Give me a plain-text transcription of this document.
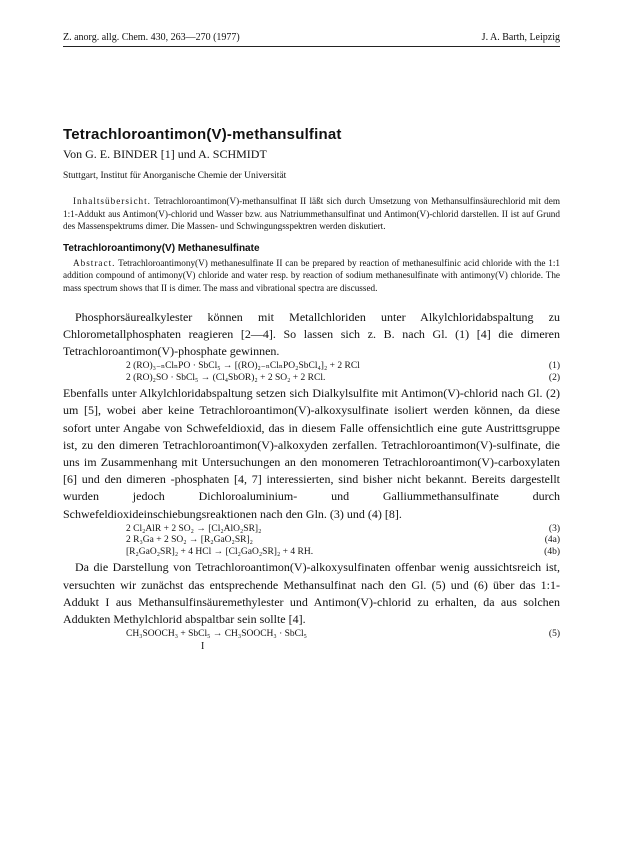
Z. anorg. allg. Chem. 430, 263—270 (1977)	J. A. Barth, Leipzig
Tetrachloroantimon(V)-methansulfinat
Von G. E. BINDER [1] und A. SCHMIDT
Stuttgart, Institut für Anorganische Chemie der Universität
Inhaltsübersicht. Tetrachloroantimon(V)-methansulfinat II läßt sich durch Umsetzung von Methansulfinsäurechlorid mit dem 1:1-Addukt aus Antimon(V)-chlorid und Wasser bzw. aus Natriummethansulfinat und Antimon(V)-chlorid darstellen. II ist auf Grund des Massenspektrums dimer. Die Massen- und Schwingungsspektren werden diskutiert.
Tetrachloroantimony(V) Methanesulfinate
Abstract. Tetrachloroantimony(V) methanesulfinate II can be prepared by reaction of methanesulfinic acid chloride with the 1:1 addition compound of antimony(V) chloride and water resp. by reaction of sodium methanesulfinate with antimony(V) chloride. The mass spectrum shows that II is dimer. The mass and vibrational spectra are discussed.
Phosphorsäurealkylester können mit Metallchloriden unter Alkylchloridabspaltung zu Chlorometallphosphaten reagieren [2—4]. So lassen sich z. B. nach Gl. (1) [4] die dimeren Tetrachloroantimon(V)-phosphate gewinnen.
2 (RO)₃₋ₙClₙPO · SbCl₅ → [(RO)₂₋ₙClₙPO₂SbCl₄]₂ + 2 RCl	(1)
2 (RO)₂SO · SbCl₅ → (Cl₄SbOR)₂ + 2 SO₂ + 2 RCl.	(2)
Ebenfalls unter Alkylchloridabspaltung setzen sich Dialkylsulfite mit Antimon(V)-chlorid nach Gl. (2) um [5], wobei aber keine Tetrachloroantimon(V)-alkoxysulfinate isoliert werden können, da diese sofort unter Angabe von Schwefeldioxid, das in diesem Falle offensichtlich eine gute Austrittsgruppe ist, zu den dimeren Tetrachloroantimon(V)-alkoxyden zerfallen. Tetrachloroantimon(V)-sulfinate, die uns im Zusammenhang mit Untersuchungen an den monomeren Tetrachloroantimon(V)-carboxylaten [6] und den dimeren -phosphaten [4, 7] interessierten, sind bisher nicht bekannt. Bereits dargestellt wurden jedoch Dichloroaluminium- und Galliummethansulfinate durch Schwefeldioxideinschiebungsreaktionen nach den Gln. (3) und (4) [8].
2 Cl₂AlR + 2 SO₂ → [Cl₂AlO₂SR]₂	(3)
2 R₃Ga + 2 SO₂ → [R₂GaO₂SR]₂	(4a)
[R₂GaO₂SR]₂ + 4 HCl → [Cl₂GaO₂SR]₂ + 4 RH.	(4b)
Da die Darstellung von Tetrachloroantimon(V)-alkoxysulfinaten offenbar wenig aussichtsreich ist, versuchten wir zunächst das entsprechende Methansulfinat nach den Gl. (5) und (6) über das 1:1-Addukt I aus Methansulfinsäuremethylester und Antimon(V)-chlorid zu erhalten, da aus solchen Addukten Methylchlorid abspaltbar sein sollte [4].
CH₃SOOCH₃ + SbCl₅ → CH₃SOOCH₃ · SbCl₅	(5)
I
